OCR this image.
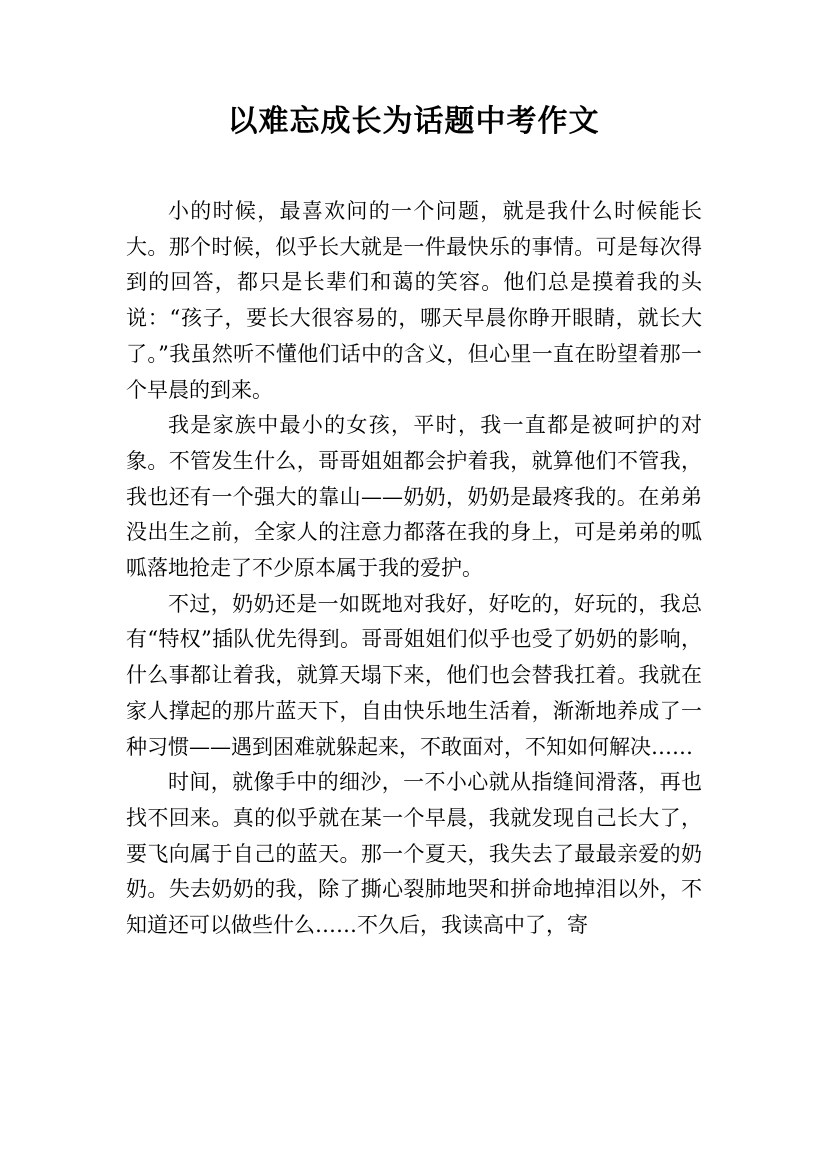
以难忘成长为话题中考作文

小的时候，最喜欢问的一个问题，就是我什么时候能长大。那个时候，似乎长大就是一件最快乐的事情。可是每次得到的回答，都只是长辈们和蔼的笑容。他们总是摸着我的头说：“孩子，要长大很容易的，哪天早晨你睁开眼睛，就长大了。”我虽然听不懂他们话中的含义，但心里一直在盼望着那一个早晨的到来。

我是家族中最小的女孩，平时，我一直都是被呵护的对象。不管发生什么，哥哥姐姐都会护着我，就算他们不管我，我也还有一个强大的靠山——奶奶，奶奶是最疼我的。在弟弟没出生之前，全家人的注意力都落在我的身上，可是弟弟的呱呱落地抢走了不少原本属于我的爱护。

不过，奶奶还是一如既地对我好，好吃的，好玩的，我总有“特权”插队优先得到。哥哥姐姐们似乎也受了奶奶的影响，什么事都让着我，就算天塌下来，他们也会替我扛着。我就在家人撑起的那片蓝天下，自由快乐地生活着，渐渐地养成了一种习惯——遇到困难就躲起来，不敢面对，不知如何解决……

时间，就像手中的细沙，一不小心就从指缝间滑落，再也找不回来。真的似乎就在某一个早晨，我就发现自己长大了，要飞向属于自己的蓝天。那一个夏天，我失去了最最亲爱的奶奶。失去奶奶的我，除了撕心裂肺地哭和拼命地掉泪以外，不知道还可以做些什么……不久后，我读高中了，寄
